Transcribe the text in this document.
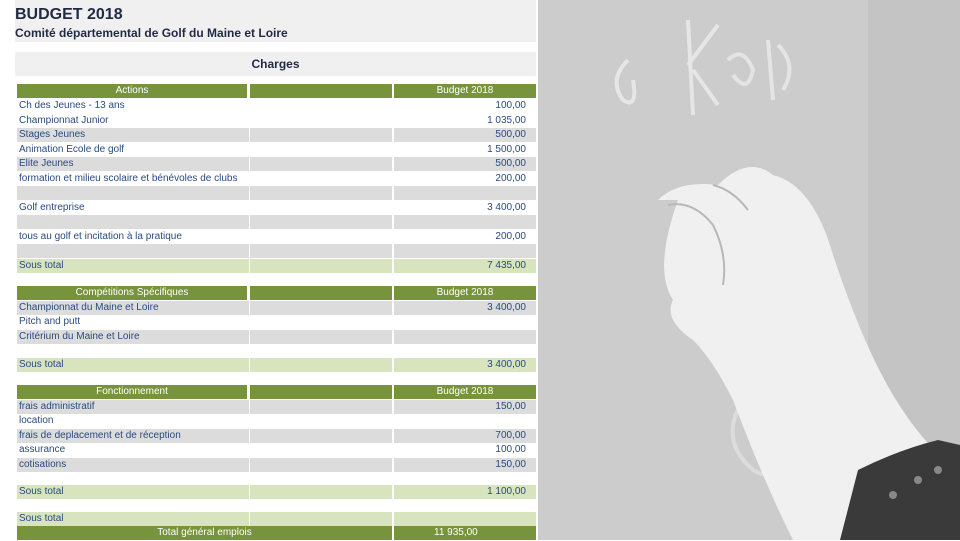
BUDGET 2018
Comité départemental de Golf du Maine et Loire
Charges
Actions	Budget 2018
Ch des Jeunes - 13 ans	100,00
Championnat Junior	1 035,00
Stages Jeunes	500,00
Animation Ecole de golf	1 500,00
Elite Jeunes	500,00
formation et milieu scolaire et bénévoles de clubs	200,00
Golf entreprise	3 400,00
tous au golf et incitation à la pratique	200,00
Sous total	7 435,00
Compétitions Spécifiques	Budget 2018
Championnat du Maine et Loire	3 400,00
Pitch and putt
Critérium du Maine et Loire
Sous total	3 400,00
Fonctionnement	Budget 2018
frais administratif	150,00
location
frais de deplacement et de réception	700,00
assurance	100,00
cotisations	150,00
Sous total	1 100,00
Sous total
Total général emplois	11 935,00
